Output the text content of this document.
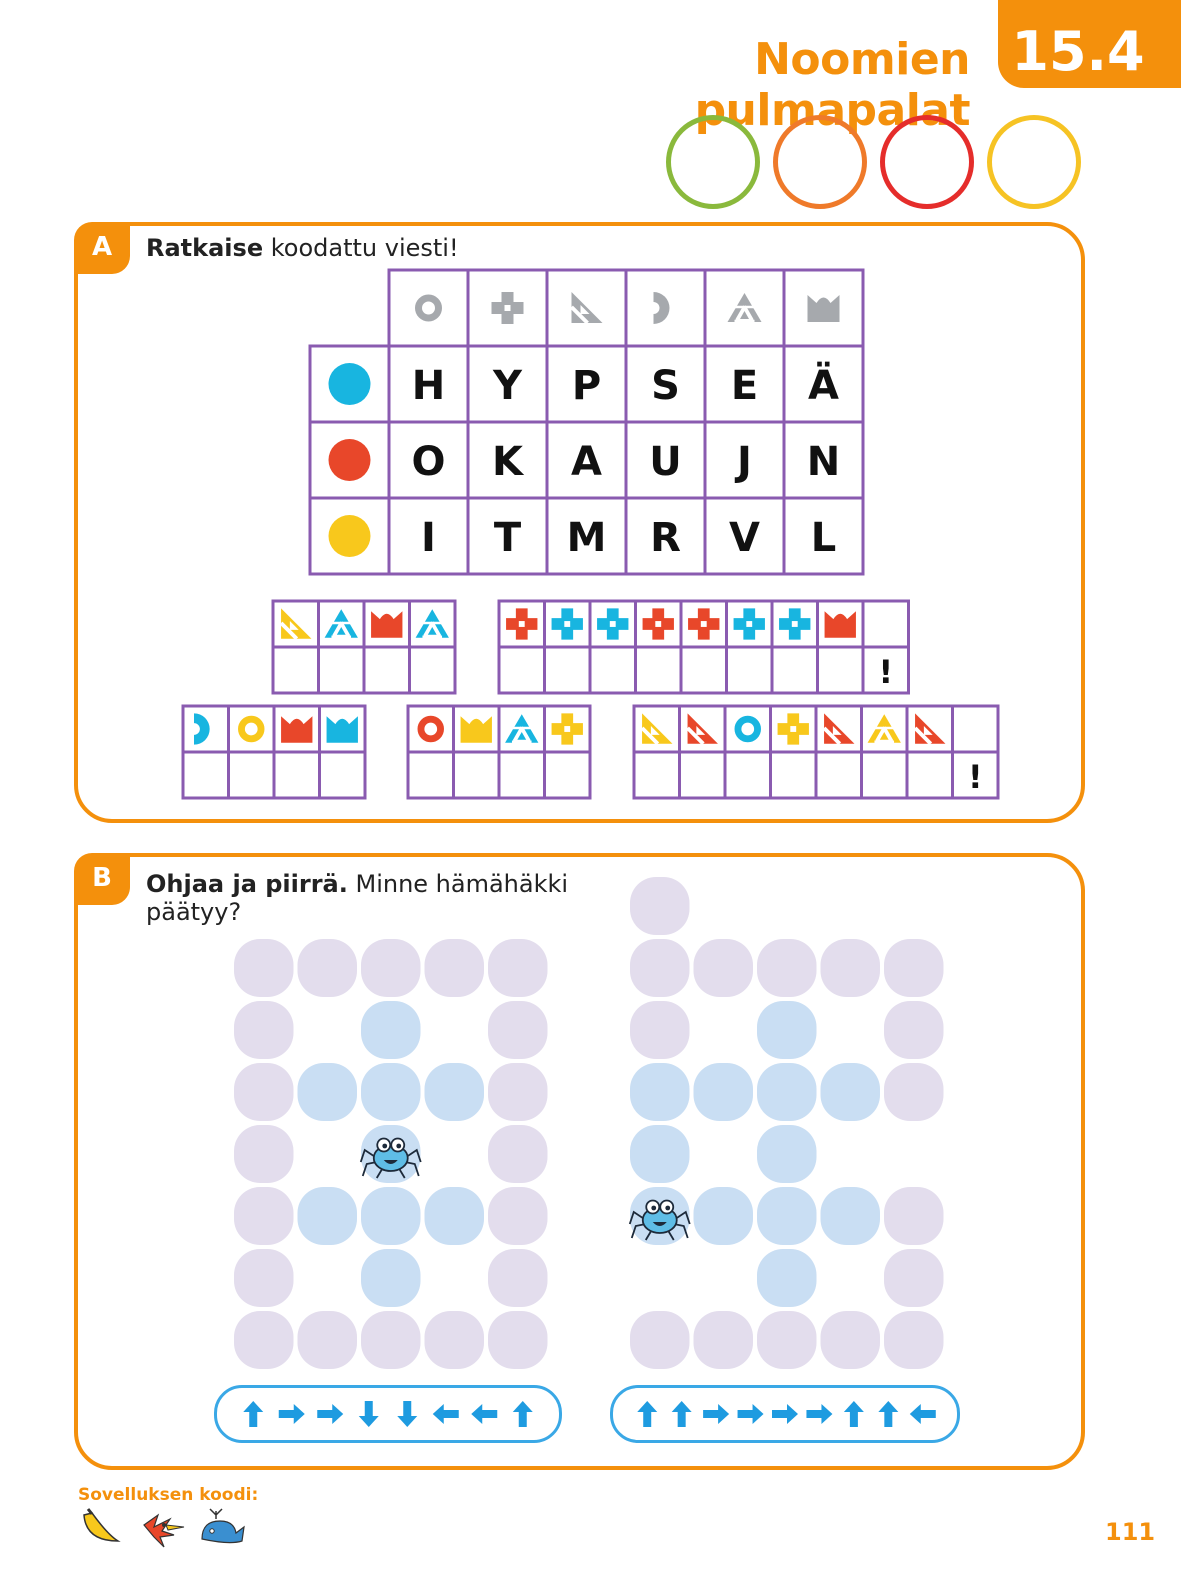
Noomien pulmapalat
15.4
A	Ratkaise koodattu viesti!
H Y P S E Ä
O K A U J N
I T M R V L
!
!
B	Ohjaa ja piirrä. Minne hämähäkki päätyy?
Sovelluksen koodi:
111
